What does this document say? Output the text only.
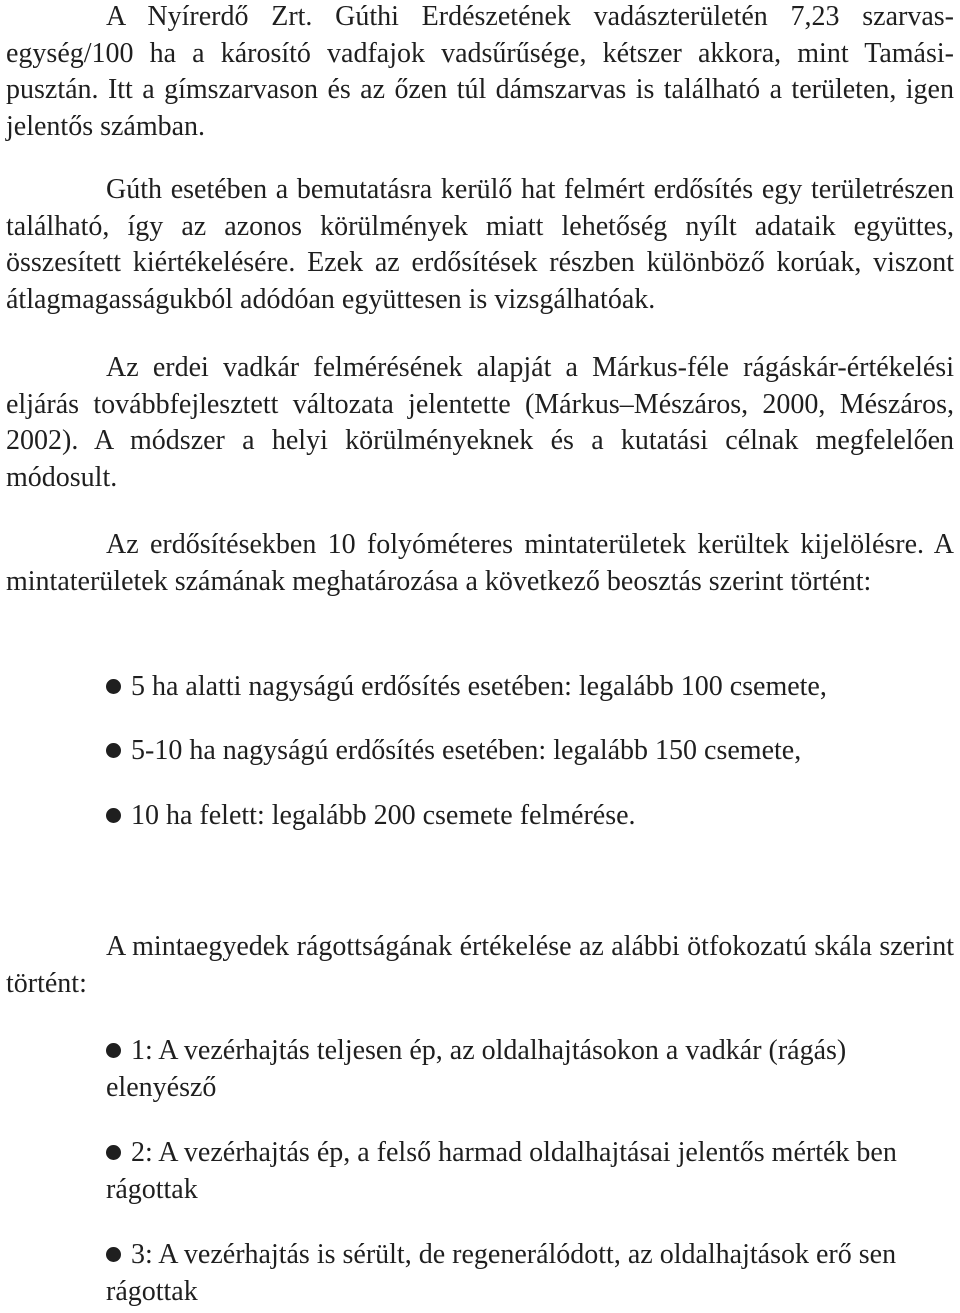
A Nyírerdő Zrt. Gúthi Erdészetének vadászterületén 7,23 szarvasegység/100 ha a károsító vadfajok vadsűrűsége, kétszer akkora, mint Tamásipusztán. Itt a gímszarvason és az őzen túl dámszarvas is található a területen, igen jelentős számban.

Gúth esetében a bemutatásra kerülő hat felmért erdősítés egy területrészen található, így az azonos körülmények miatt lehetőség nyílt adataik együttes, összesített kiértékelésére. Ezek az erdősítések részben különböző korúak, viszont átlagmagasságukból adódóan együttesen is vizsgálhatóak.

Az erdei vadkár felmérésének alapját a Márkus-féle rágáskár-értékelési eljárás továbbfejlesztett változata jelentette (Márkus–Mészáros, 2000, Mészáros, 2002). A módszer a helyi körülményeknek és a kutatási célnak megfelelően módosult.

Az erdősítésekben 10 folyóméteres mintaterületek kerültek kijelölésre. A mintaterületek számának meghatározása a következő beosztás szerint történt:

5 ha alatti nagyságú erdősítés esetében: legalább 100 csemete,

5-10 ha nagyságú erdősítés esetében: legalább 150 csemete,

10 ha felett: legalább 200 csemete felmérése.

A mintaegyedek rágottságának értékelése az alábbi ötfokozatú skála szerint történt:

1: A vezérhajtás teljesen ép, az oldalhajtásokon a vadkár (rágás) elenyésző

2: A vezérhajtás ép, a felső harmad oldalhajtásai jelentős mérték ben rágottak

3: A vezérhajtás is sérült, de regenerálódott, az oldalhajtások erő sen rágottak
